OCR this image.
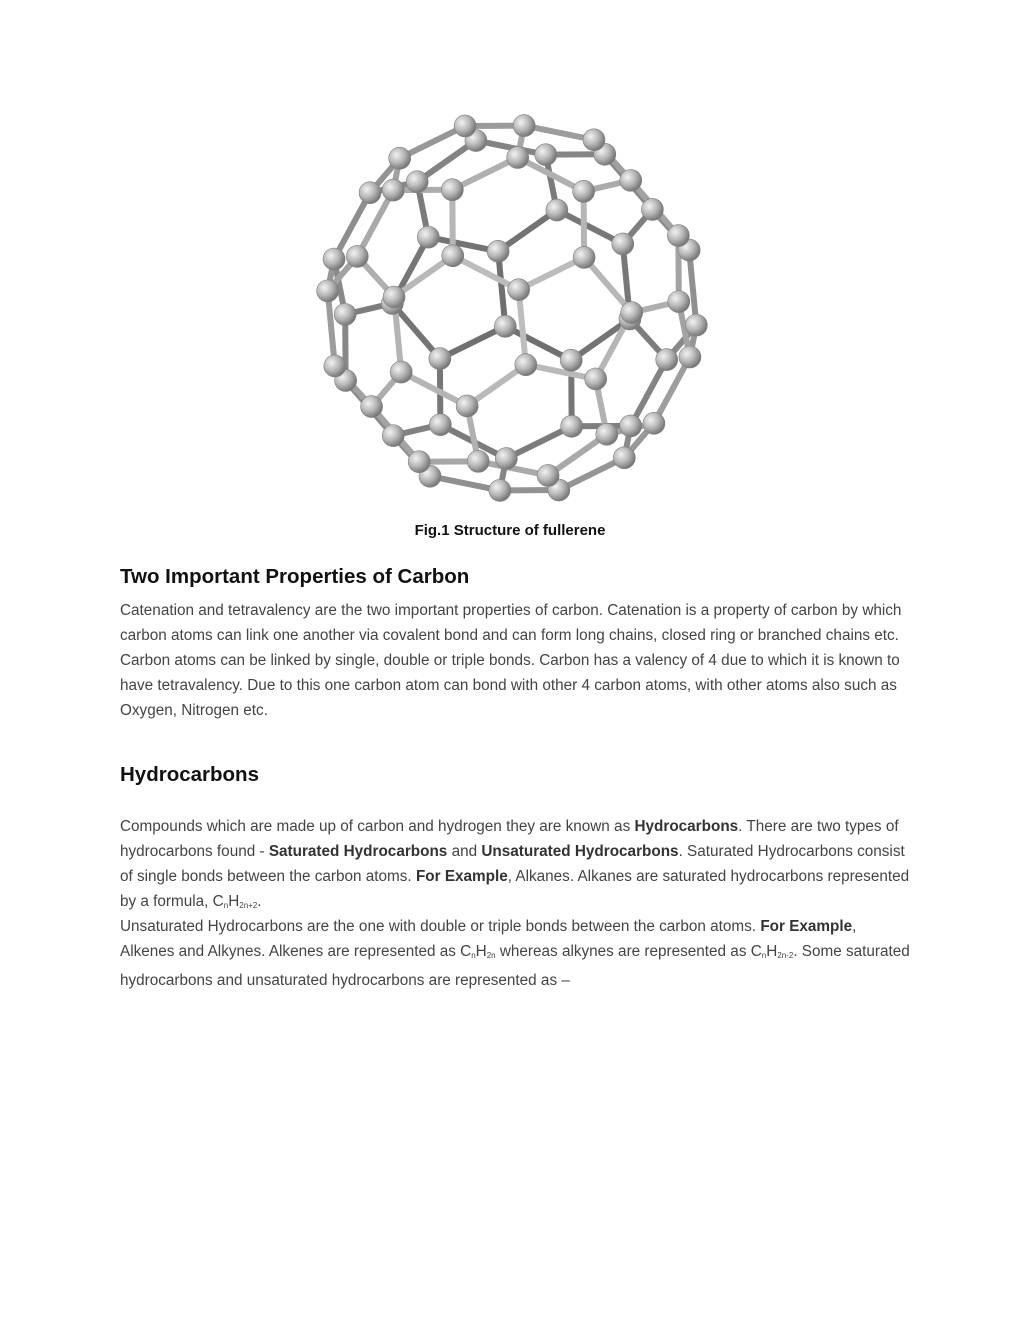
Fig.1 Structure of fullerene
Two Important Properties of Carbon

Catenation and tetravalency are the two important properties of carbon. Catenation is a property of carbon by which carbon atoms can link one another via covalent bond and can form long chains, closed ring or branched chains etc. Carbon atoms can be linked by single, double or triple bonds. Carbon has a valency of 4 due to which it is known to have tetravalency. Due to this one carbon atom can bond with other 4 carbon atoms, with other atoms also such as Oxygen, Nitrogen etc.

Hydrocarbons

Compounds which are made up of carbon and hydrogen they are known as Hydrocarbons. There are two types of hydrocarbons found - Saturated Hydrocarbons and Unsaturated Hydrocarbons. Saturated Hydrocarbons consist of single bonds between the carbon atoms. For Example, Alkanes. Alkanes are saturated hydrocarbons represented by a formula, $C_nH_{2n+2}$.

Unsaturated Hydrocarbons are the one with double or triple bonds between the carbon atoms. For Example, Alkenes and Alkynes. Alkenes are represented as $C_nH_{2n}$ whereas alkynes are represented as $C_nH_{2n-2}$. Some saturated hydrocarbons and unsaturated hydrocarbons are represented as –
